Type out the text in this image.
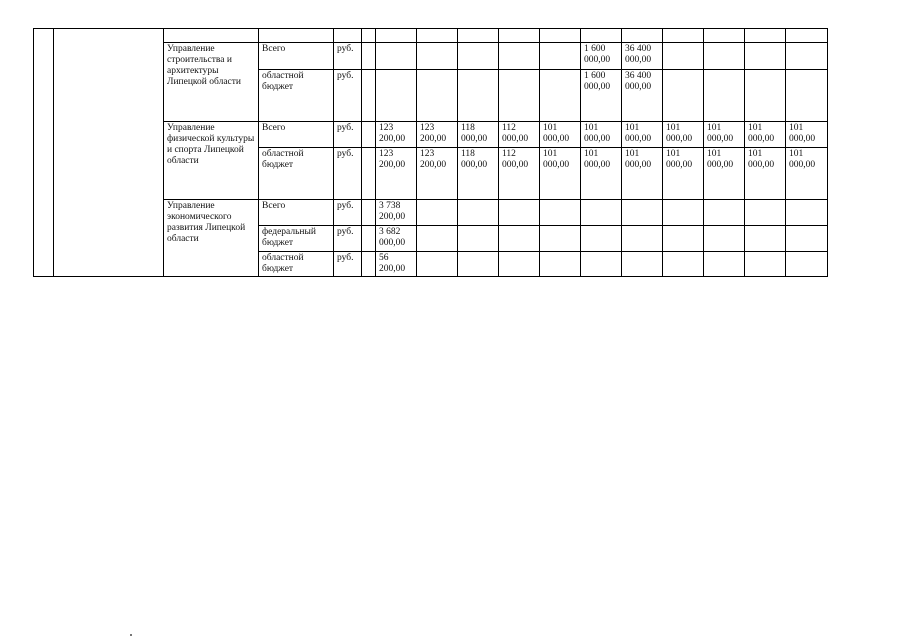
		Управление строительства и архитектуры Липецкой области	Всего	руб.							1 600 000,00	36 400 000,00				
			областной бюджет	руб.							1 600 000,00	36 400 000,00				
		Управление физической культуры и спорта Липецкой области	Всего	руб.		123 200,00	123 200,00	118 000,00	112 000,00	101 000,00	101 000,00	101 000,00	101 000,00	101 000,00	101 000,00	101 000,00
			областной бюджет	руб.		123 200,00	123 200,00	118 000,00	112 000,00	101 000,00	101 000,00	101 000,00	101 000,00	101 000,00	101 000,00	101 000,00
		Управление экономического развития Липецкой области	Всего	руб.		3 738 200,00										
			федеральный бюджет	руб.		3 682 000,00										
			областной бюджет	руб.		56 200,00										
